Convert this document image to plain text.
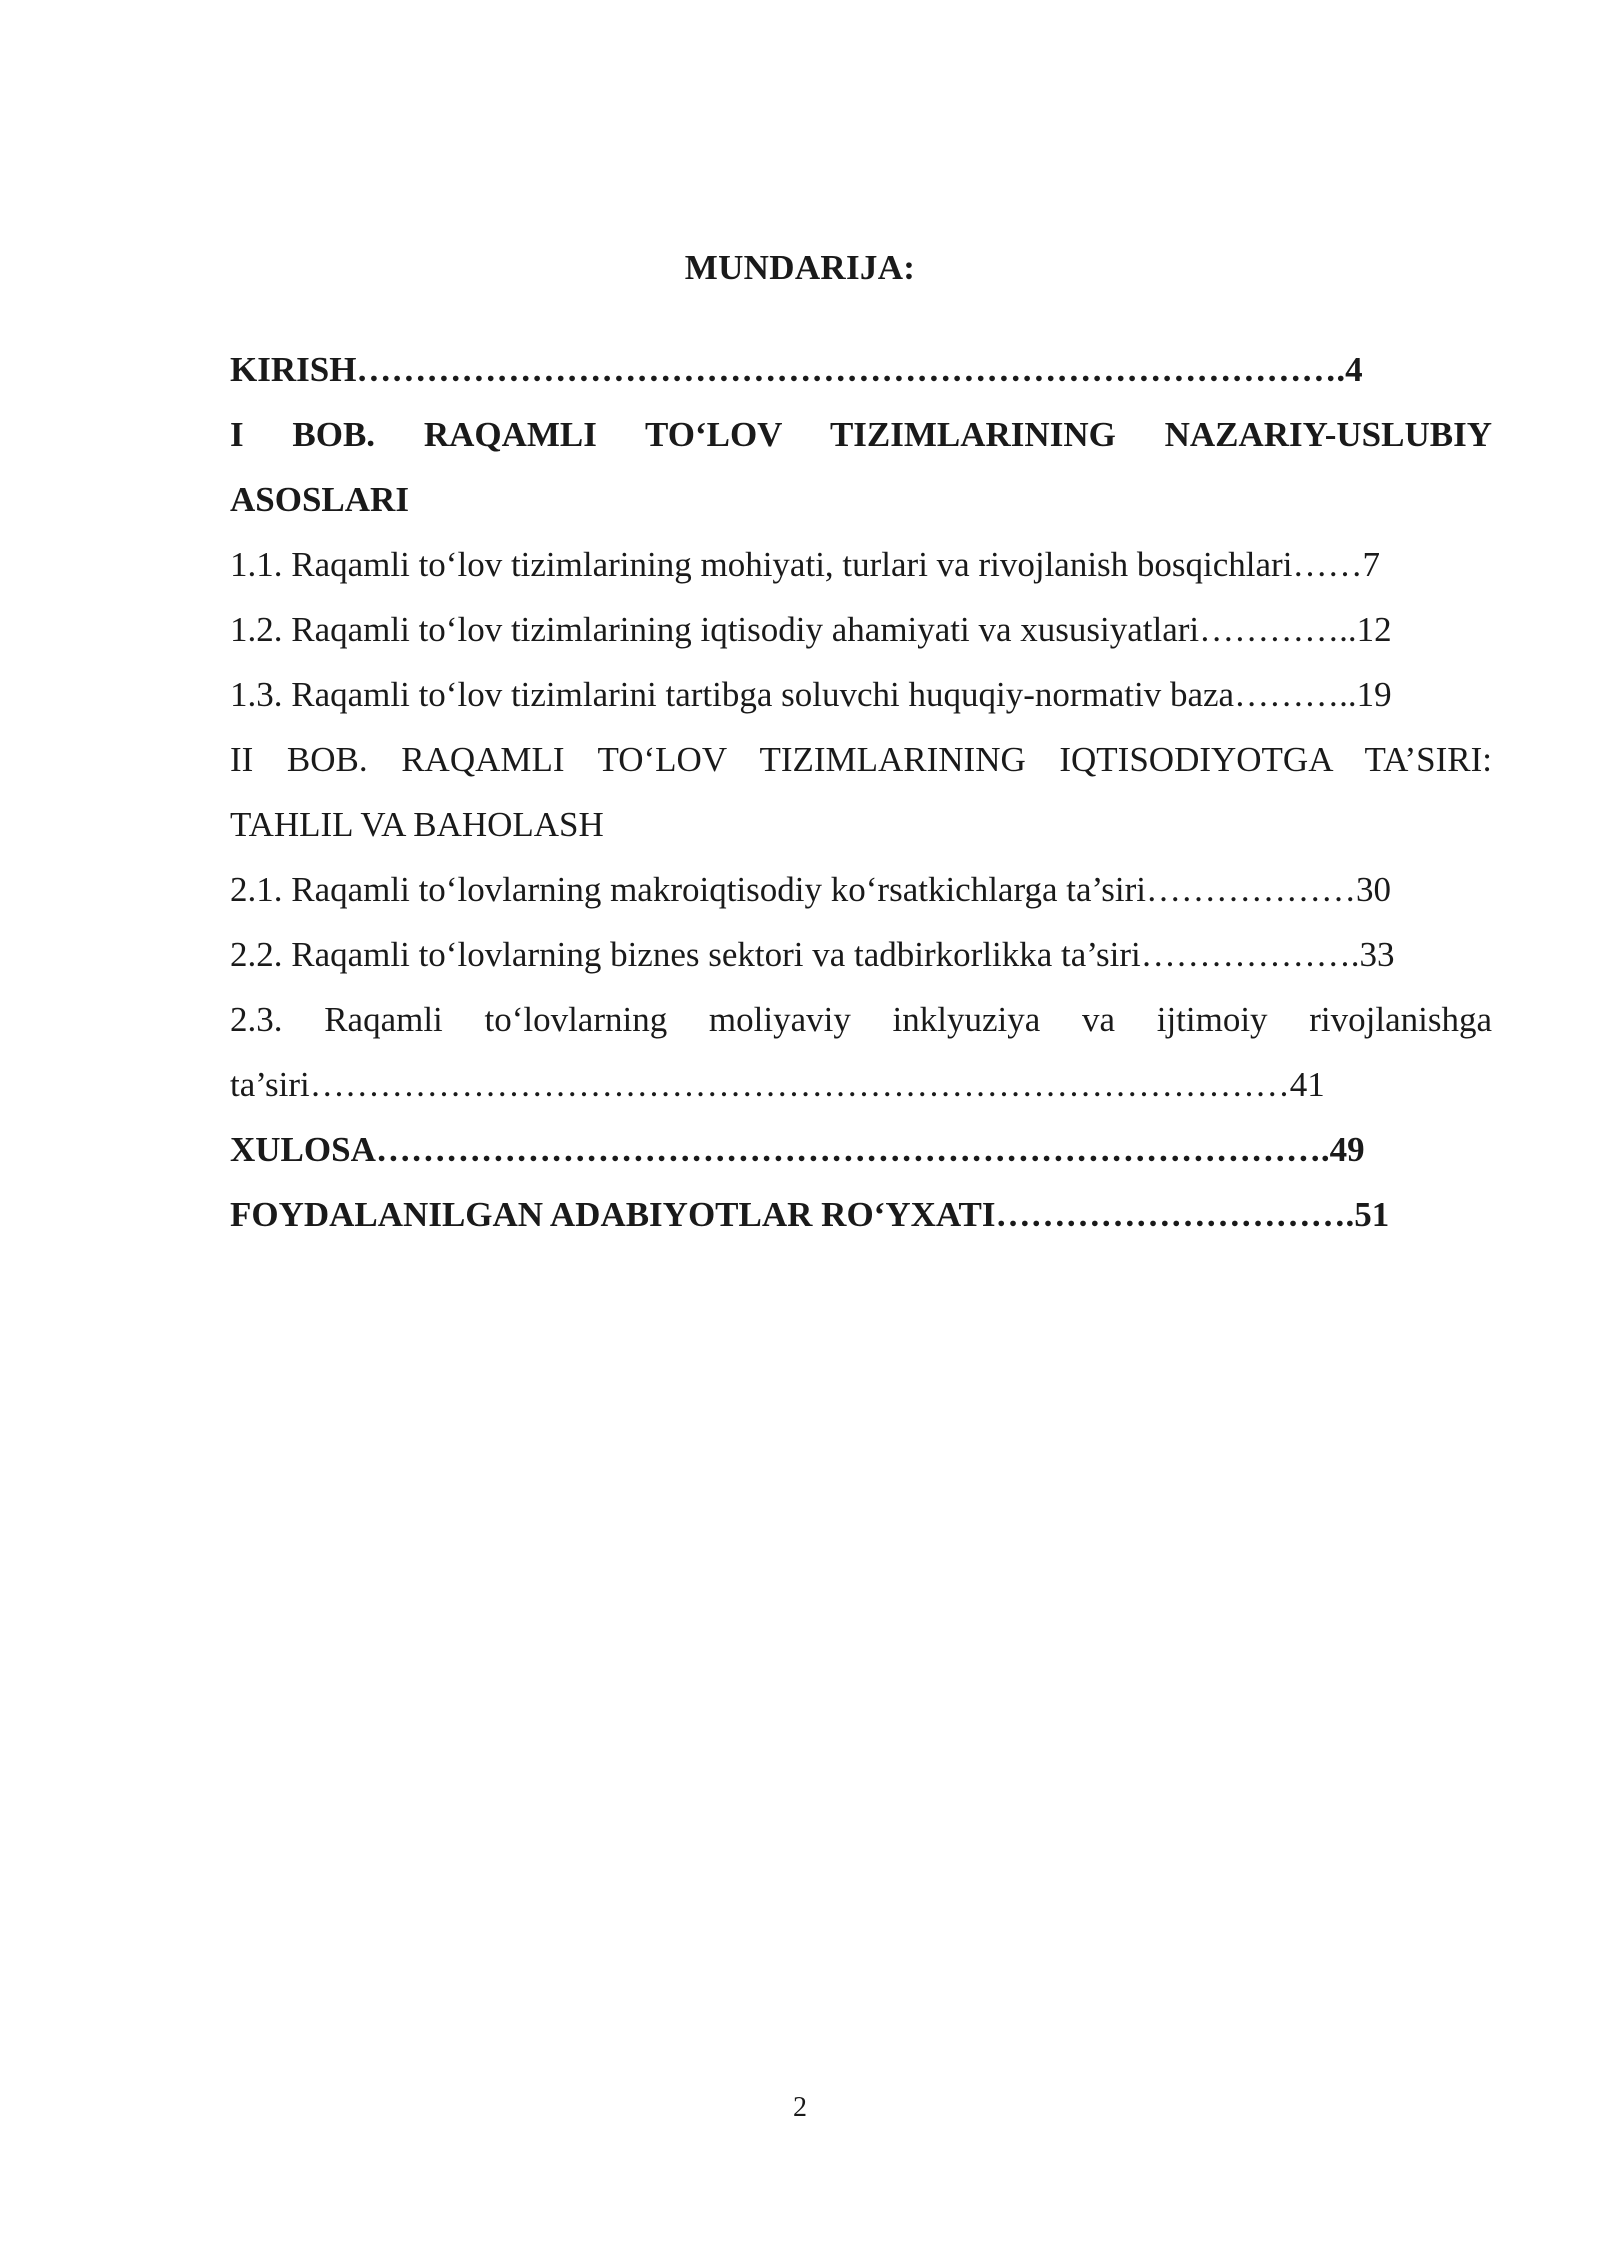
MUNDARIJA:
KIRISH………………………………………………………………………….4
I BOB. RAQAMLI TO‘LOV TIZIMLARINING NAZARIY-USLUBIY
ASOSLARI
1.1. Raqamli to‘lov tizimlarining mohiyati, turlari va rivojlanish bosqichlari……7
1.2. Raqamli to‘lov tizimlarining iqtisodiy ahamiyati va xususiyatlari…………..12
1.3. Raqamli to‘lov tizimlarini tartibga soluvchi huquqiy-normativ baza………..19
II BOB. RAQAMLI TO‘LOV TIZIMLARINING IQTISODIYOTGA TA’SIRI:
TAHLIL VA BAHOLASH
2.1. Raqamli to‘lovlarning makroiqtisodiy ko‘rsatkichlarga ta’siri………………30
2.2. Raqamli to‘lovlarning biznes sektori va tadbirkorlikka ta’siri……………….33
2.3. Raqamli to‘lovlarning moliyaviy inklyuziya va ijtimoiy rivojlanishga
ta’siri…………………………………………………………………………41
XULOSA……………………………………………………………………….49
FOYDALANILGAN ADABIYOTLAR RO‘YXATI………………………….51
2
